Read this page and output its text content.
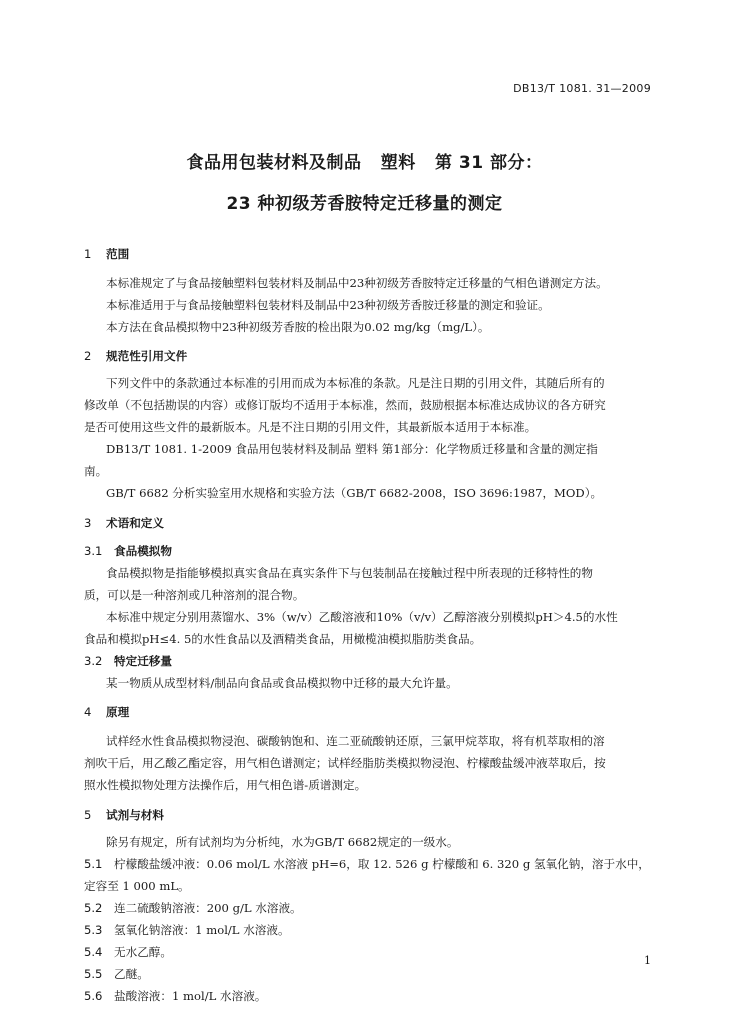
DB13/T 1081. 31—2009
食品用包装材料及制品   塑料   第 31 部分：
23 种初级芳香胺特定迁移量的测定
1 范围
本标准规定了与食品接触塑料包装材料及制品中23种初级芳香胺特定迁移量的气相色谱测定方法。
本标准适用于与食品接触塑料包装材料及制品中23种初级芳香胺迁移量的测定和验证。
本方法在食品模拟物中23种初级芳香胺的检出限为0.02 mg/kg（mg/L）。
2 规范性引用文件
下列文件中的条款通过本标准的引用而成为本标准的条款。凡是注日期的引用文件，其随后所有的
修改单（不包括勘误的内容）或修订版均不适用于本标准，然而，鼓励根据本标准达成协议的各方研究
是否可使用这些文件的最新版本。凡是不注日期的引用文件，其最新版本适用于本标准。
DB13/T 1081. 1-2009 食品用包装材料及制品 塑料 第1部分：化学物质迁移量和含量的测定指
南。
GB/T 6682 分析实验室用水规格和实验方法（GB/T 6682-2008，ISO 3696:1987，MOD）。
3 术语和定义
3.1 食品模拟物
食品模拟物是指能够模拟真实食品在真实条件下与包装制品在接触过程中所表现的迁移特性的物
质，可以是一种溶剂或几种溶剂的混合物。
本标准中规定分别用蒸馏水、3%（w/v）乙酸溶液和10%（v/v）乙醇溶液分别模拟pH＞4.5的水性
食品和模拟pH≤4. 5的水性食品以及酒精类食品，用橄榄油模拟脂肪类食品。
3.2 特定迁移量
某一物质从成型材料/制品向食品或食品模拟物中迁移的最大允许量。
4 原理
试样经水性食品模拟物浸泡、碳酸钠饱和、连二亚硫酸钠还原，三氯甲烷萃取，将有机萃取相的溶
剂吹干后，用乙酸乙酯定容，用气相色谱测定；试样经脂肪类模拟物浸泡、柠檬酸盐缓冲液萃取后，按
照水性模拟物处理方法操作后，用气相色谱-质谱测定。
5 试剂与材料
除另有规定，所有试剂均为分析纯，水为GB/T 6682规定的一级水。
5.1 柠檬酸盐缓冲液：0.06 mol/L 水溶液 pH=6，取 12. 526 g 柠檬酸和 6. 320 g 氢氧化钠，溶于水中，
定容至 1 000 mL。
5.2 连二硫酸钠溶液：200 g/L 水溶液。
5.3 氢氧化钠溶液：1 mol/L 水溶液。
5.4 无水乙醇。
5.5 乙醚。
5.6 盐酸溶液：1 mol/L 水溶液。
1
